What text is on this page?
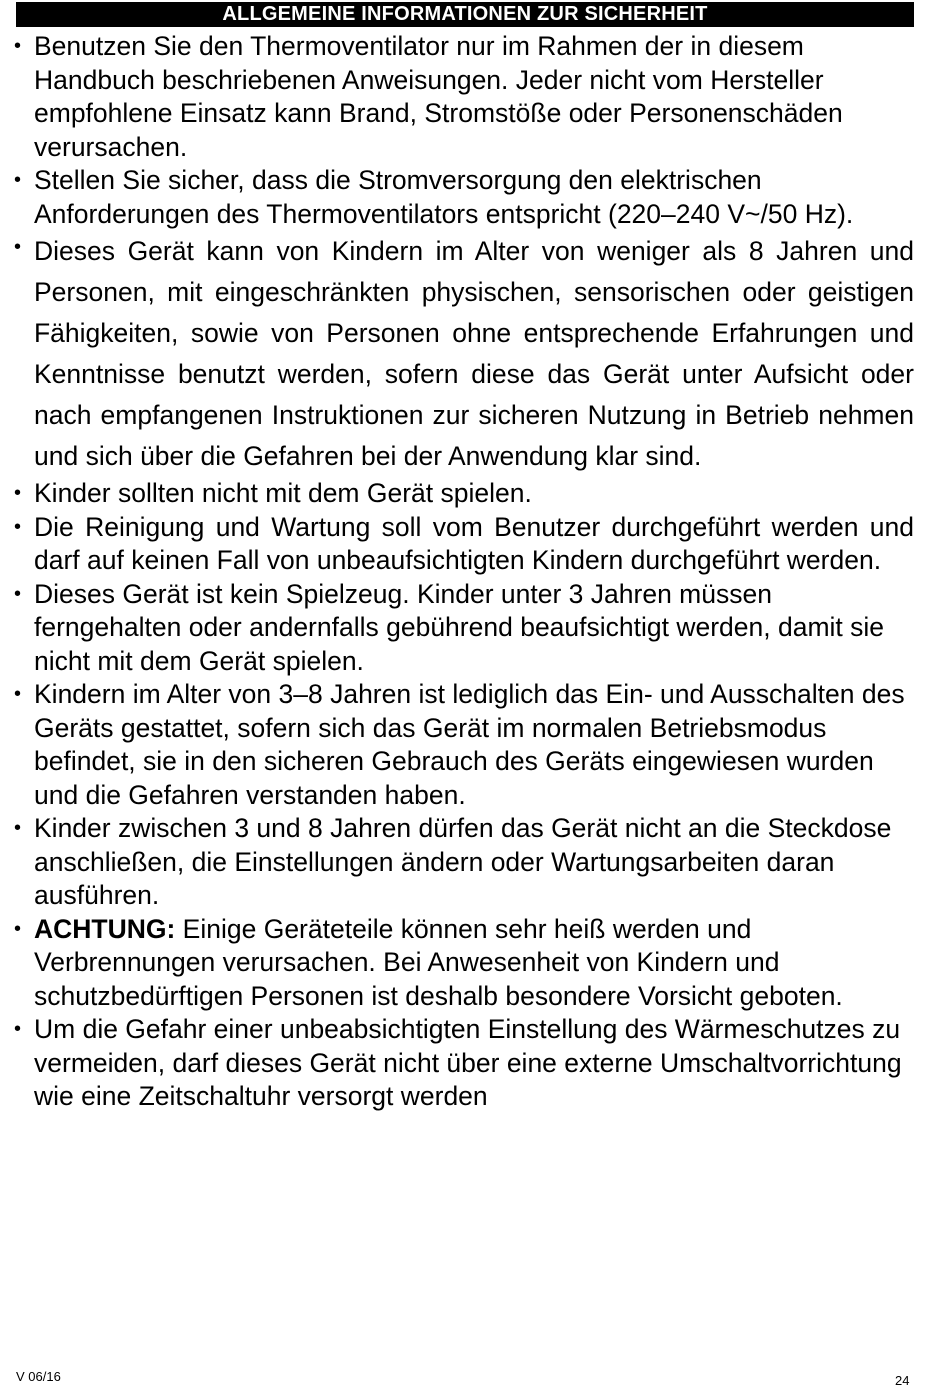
ALLGEMEINE INFORMATIONEN ZUR SICHERHEIT
• Benutzen Sie den Thermoventilator nur im Rahmen der in diesem Handbuch beschriebenen Anweisungen. Jeder nicht vom Hersteller empfohlene Einsatz kann Brand, Stromstöße oder Personenschäden verursachen.
• Stellen Sie sicher, dass die Stromversorgung den elektrischen Anforderungen des Thermoventilators entspricht (220–240 V~/50 Hz).
• Dieses Gerät kann von Kindern im Alter von weniger als 8 Jahren und Personen, mit eingeschränkten physischen, sensorischen oder geistigen Fähigkeiten, sowie von Personen ohne entsprechende Erfahrungen und Kenntnisse benutzt werden, sofern diese das Gerät unter Aufsicht oder nach empfangenen Instruktionen zur sicheren Nutzung in Betrieb nehmen und sich über die Gefahren bei der Anwendung klar sind.
• Kinder sollten nicht mit dem Gerät spielen.
• Die Reinigung und Wartung soll vom Benutzer durchgeführt werden und darf auf keinen Fall von unbeaufsichtigten Kindern durchgeführt werden.
• Dieses Gerät ist kein Spielzeug. Kinder unter 3 Jahren müssen ferngehalten oder andernfalls gebührend beaufsichtigt werden, damit sie nicht mit dem Gerät spielen.
• Kindern im Alter von 3–8 Jahren ist lediglich das Ein- und Ausschalten des Geräts gestattet, sofern sich das Gerät im normalen Betriebsmodus befindet, sie in den sicheren Gebrauch des Geräts eingewiesen wurden und die Gefahren verstanden haben.
• Kinder zwischen 3 und 8 Jahren dürfen das Gerät nicht an die Steckdose anschließen, die Einstellungen ändern oder Wartungsarbeiten daran ausführen.
• ACHTUNG: Einige Geräteteile können sehr heiß werden und Verbrennungen verursachen. Bei Anwesenheit von Kindern und schutzbedürftigen Personen ist deshalb besondere Vorsicht geboten.
• Um die Gefahr einer unbeabsichtigten Einstellung des Wärmeschutzes zu vermeiden, darf dieses Gerät nicht über eine externe Umschaltvorrichtung wie eine Zeitschaltuhr versorgt werden
V 06/16	24
